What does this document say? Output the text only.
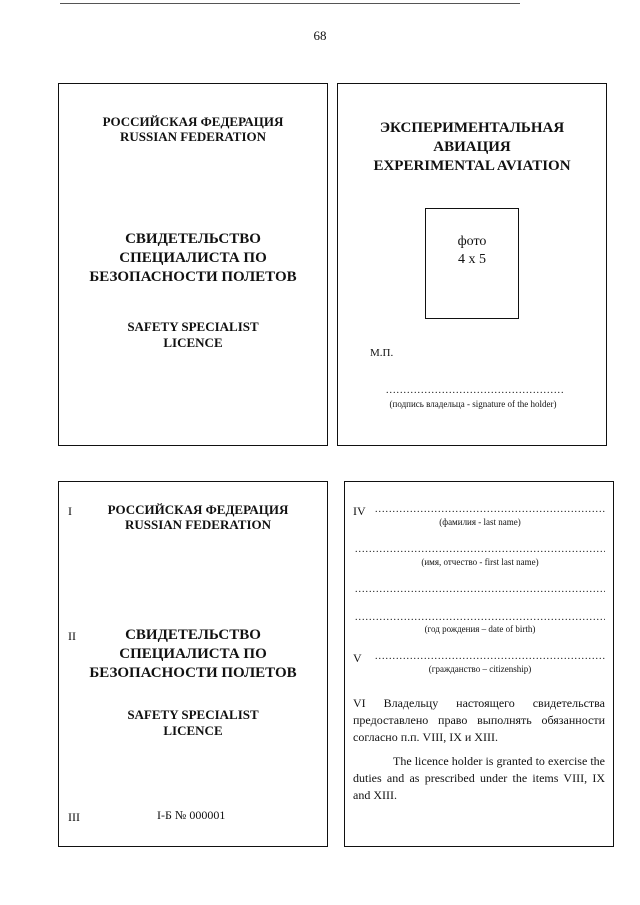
68
РОССИЙСКАЯ ФЕДЕРАЦИЯ
RUSSIAN FEDERATION
СВИДЕТЕЛЬСТВО
СПЕЦИАЛИСТА ПО
БЕЗОПАСНОСТИ ПОЛЕТОВ
SAFETY SPECIALIST
LICENCE
ЭКСПЕРИМЕНТАЛЬНАЯ
АВИАЦИЯ
EXPERIMENTAL AVIATION
фото
4 x 5
М.П.
.....
(подпись владельца - signature of the holder)
I	РОССИЙСКАЯ ФЕДЕРАЦИЯ
RUSSIAN FEDERATION
II	СВИДЕТЕЛЬСТВО
СПЕЦИАЛИСТА ПО
БЕЗОПАСНОСТИ ПОЛЕТОВ
SAFETY SPECIALIST
LICENCE
III	I-Б № 000001
IV
.....
(фамилия - last name)
.....
(имя, отчество - first last name)
.....
.....
(год рождения – date of birth)
V
.....
(гражданство – citizenship)
VI Владельцу настоящего свидетельства предоставлено право выполнять обязанности согласно п.п. VIII, IX и XIII.
The licence holder is granted to exercise the duties and as prescribed under the items VIII, IX and XIII.
